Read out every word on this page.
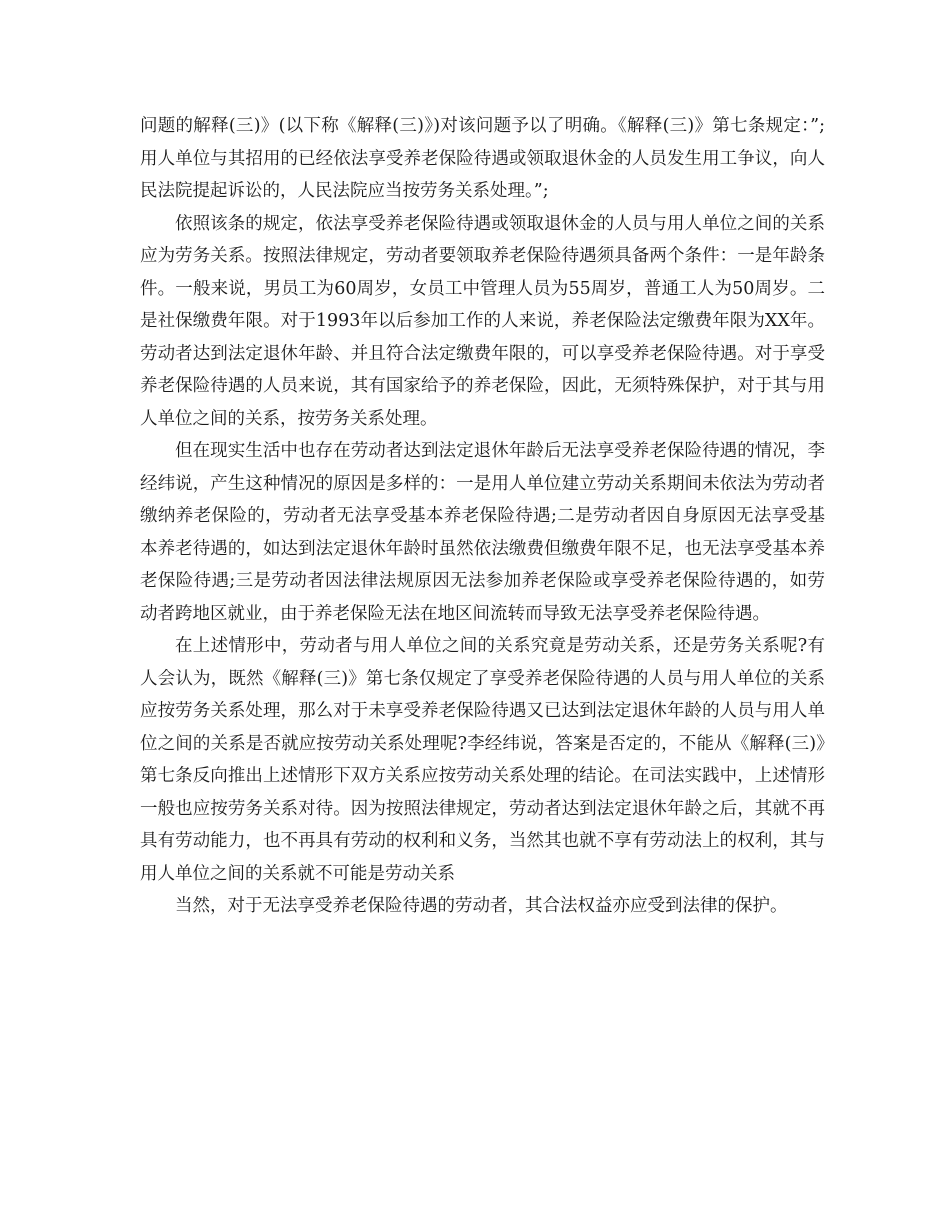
问题的解释(三)》(以下称《解释(三)》)对该问题予以了明确。《解释(三)》第七条规定：”;用人单位与其招用的已经依法享受养老保险待遇或领取退休金的人员发生用工争议，向人民法院提起诉讼的，人民法院应当按劳务关系处理。”;

依照该条的规定，依法享受养老保险待遇或领取退休金的人员与用人单位之间的关系应为劳务关系。按照法律规定，劳动者要领取养老保险待遇须具备两个条件：一是年龄条件。一般来说，男员工为60周岁，女员工中管理人员为55周岁，普通工人为50周岁。二是社保缴费年限。对于1993年以后参加工作的人来说，养老保险法定缴费年限为XX年。劳动者达到法定退休年龄、并且符合法定缴费年限的，可以享受养老保险待遇。对于享受养老保险待遇的人员来说，其有国家给予的养老保险，因此，无须特殊保护，对于其与用人单位之间的关系，按劳务关系处理。

但在现实生活中也存在劳动者达到法定退休年龄后无法享受养老保险待遇的情况，李经纬说，产生这种情况的原因是多样的：一是用人单位建立劳动关系期间未依法为劳动者缴纳养老保险的，劳动者无法享受基本养老保险待遇;二是劳动者因自身原因无法享受基本养老待遇的，如达到法定退休年龄时虽然依法缴费但缴费年限不足，也无法享受基本养老保险待遇;三是劳动者因法律法规原因无法参加养老保险或享受养老保险待遇的，如劳动者跨地区就业，由于养老保险无法在地区间流转而导致无法享受养老保险待遇。

在上述情形中，劳动者与用人单位之间的关系究竟是劳动关系，还是劳务关系呢?有人会认为，既然《解释(三)》第七条仅规定了享受养老保险待遇的人员与用人单位的关系应按劳务关系处理，那么对于未享受养老保险待遇又已达到法定退休年龄的人员与用人单位之间的关系是否就应按劳动关系处理呢?李经纬说，答案是否定的，不能从《解释(三)》第七条反向推出上述情形下双方关系应按劳动关系处理的结论。在司法实践中，上述情形一般也应按劳务关系对待。因为按照法律规定，劳动者达到法定退休年龄之后，其就不再具有劳动能力，也不再具有劳动的权利和义务，当然其也就不享有劳动法上的权利，其与用人单位之间的关系就不可能是劳动关系

当然，对于无法享受养老保险待遇的劳动者，其合法权益亦应受到法律的保护。
